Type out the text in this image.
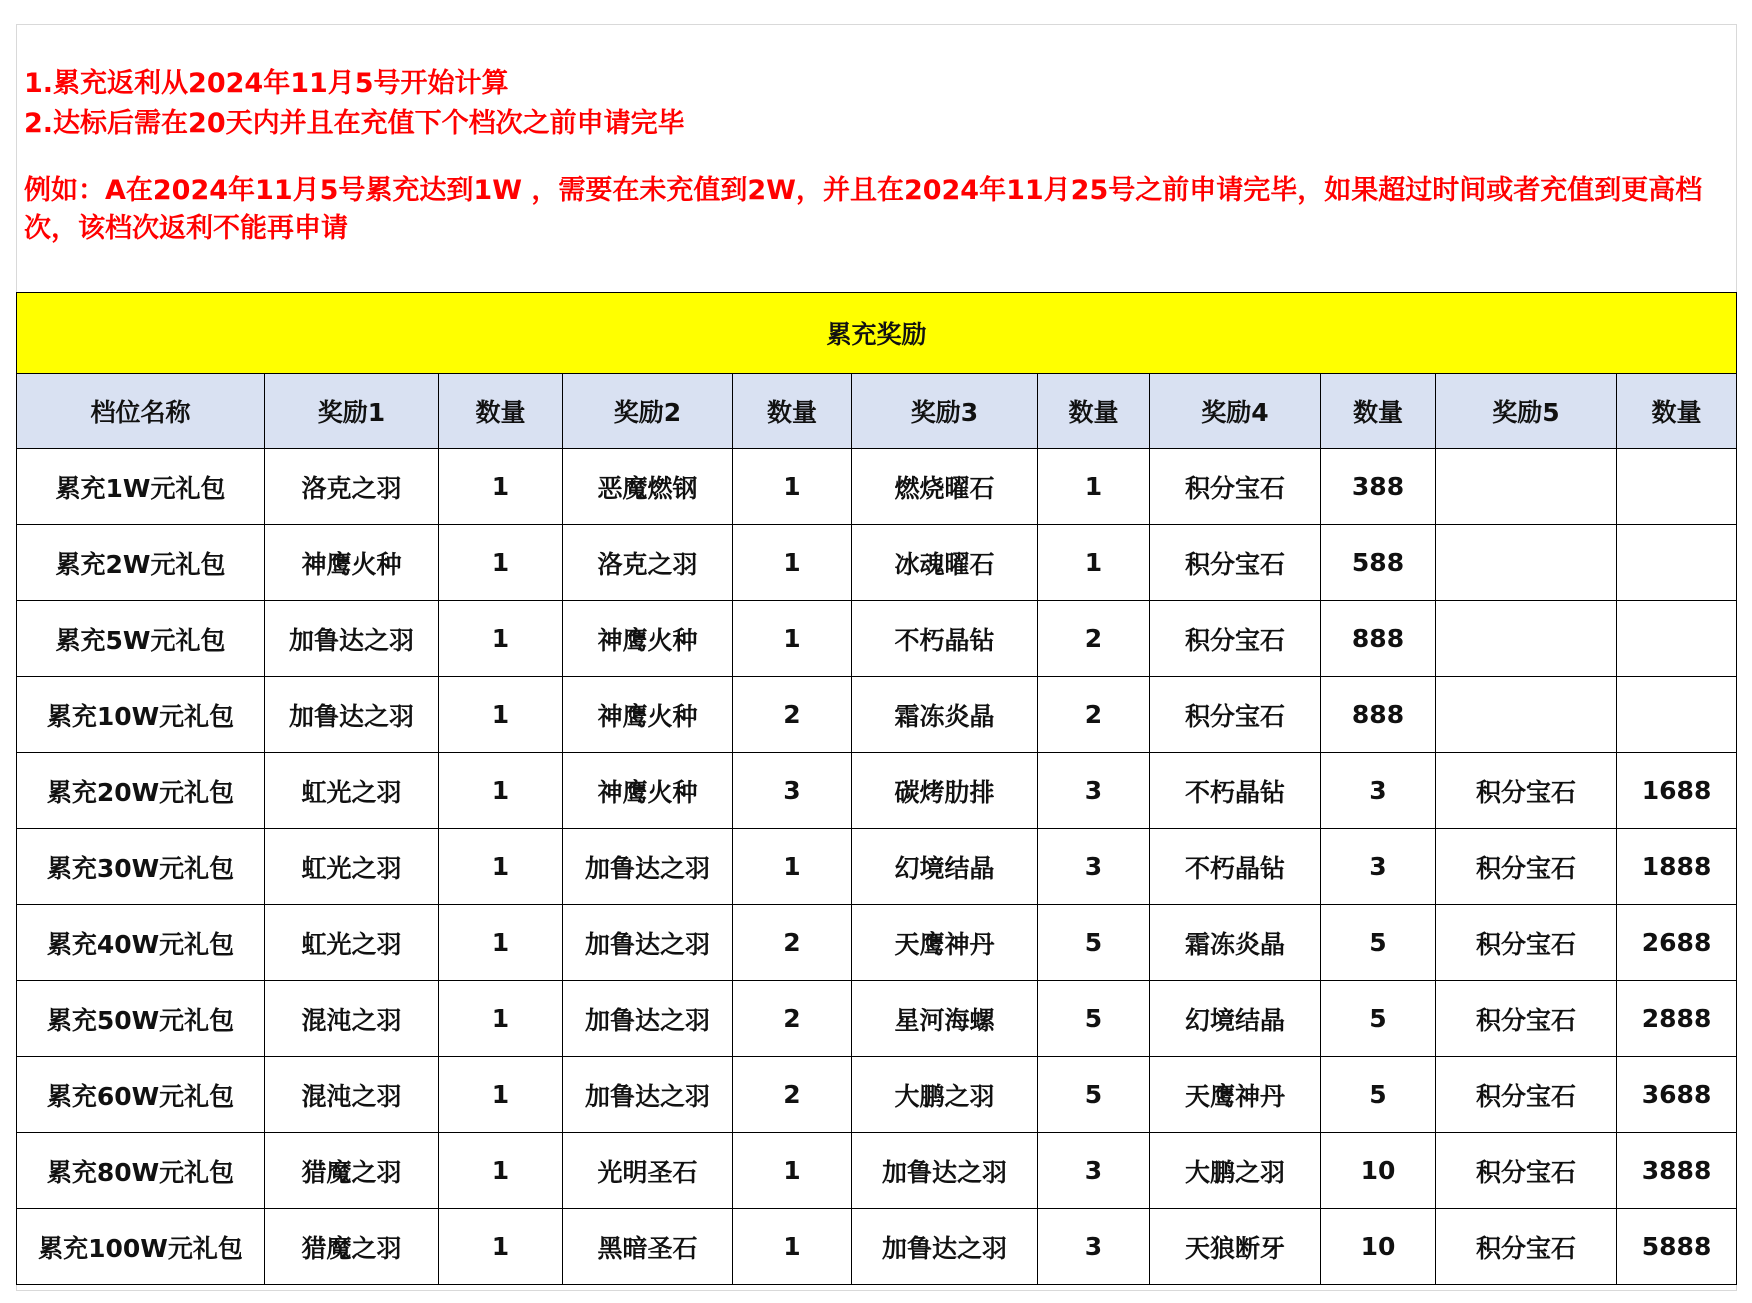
1.累充返利从2024年11月5号开始计算
2.达标后需在20天内并且在充值下个档次之前申请完毕
例如：A在2024年11月5号累充达到1W ，需要在未充值到2W，并且在2024年11月25号之前申请完毕，如果超过时间或者充值到更高档次，该档次返利不能再申请
累充奖励										
档位名称	奖励1	数量	奖励2	数量	奖励3	数量	奖励4	数量	奖励5	数量
累充1W元礼包	洛克之羽	1	恶魔燃钢	1	燃烧曜石	1	积分宝石	388		
累充2W元礼包	神鹰火种	1	洛克之羽	1	冰魂曜石	1	积分宝石	588		
累充5W元礼包	加鲁达之羽	1	神鹰火种	1	不朽晶钻	2	积分宝石	888		
累充10W元礼包	加鲁达之羽	1	神鹰火种	2	霜冻炎晶	2	积分宝石	888		
累充20W元礼包	虹光之羽	1	神鹰火种	3	碳烤肋排	3	不朽晶钻	3	积分宝石	1688
累充30W元礼包	虹光之羽	1	加鲁达之羽	1	幻境结晶	3	不朽晶钻	3	积分宝石	1888
累充40W元礼包	虹光之羽	1	加鲁达之羽	2	天鹰神丹	5	霜冻炎晶	5	积分宝石	2688
累充50W元礼包	混沌之羽	1	加鲁达之羽	2	星河海螺	5	幻境结晶	5	积分宝石	2888
累充60W元礼包	混沌之羽	1	加鲁达之羽	2	大鹏之羽	5	天鹰神丹	5	积分宝石	3688
累充80W元礼包	猎魔之羽	1	光明圣石	1	加鲁达之羽	3	大鹏之羽	10	积分宝石	3888
累充100W元礼包	猎魔之羽	1	黑暗圣石	1	加鲁达之羽	3	天狼断牙	10	积分宝石	5888
